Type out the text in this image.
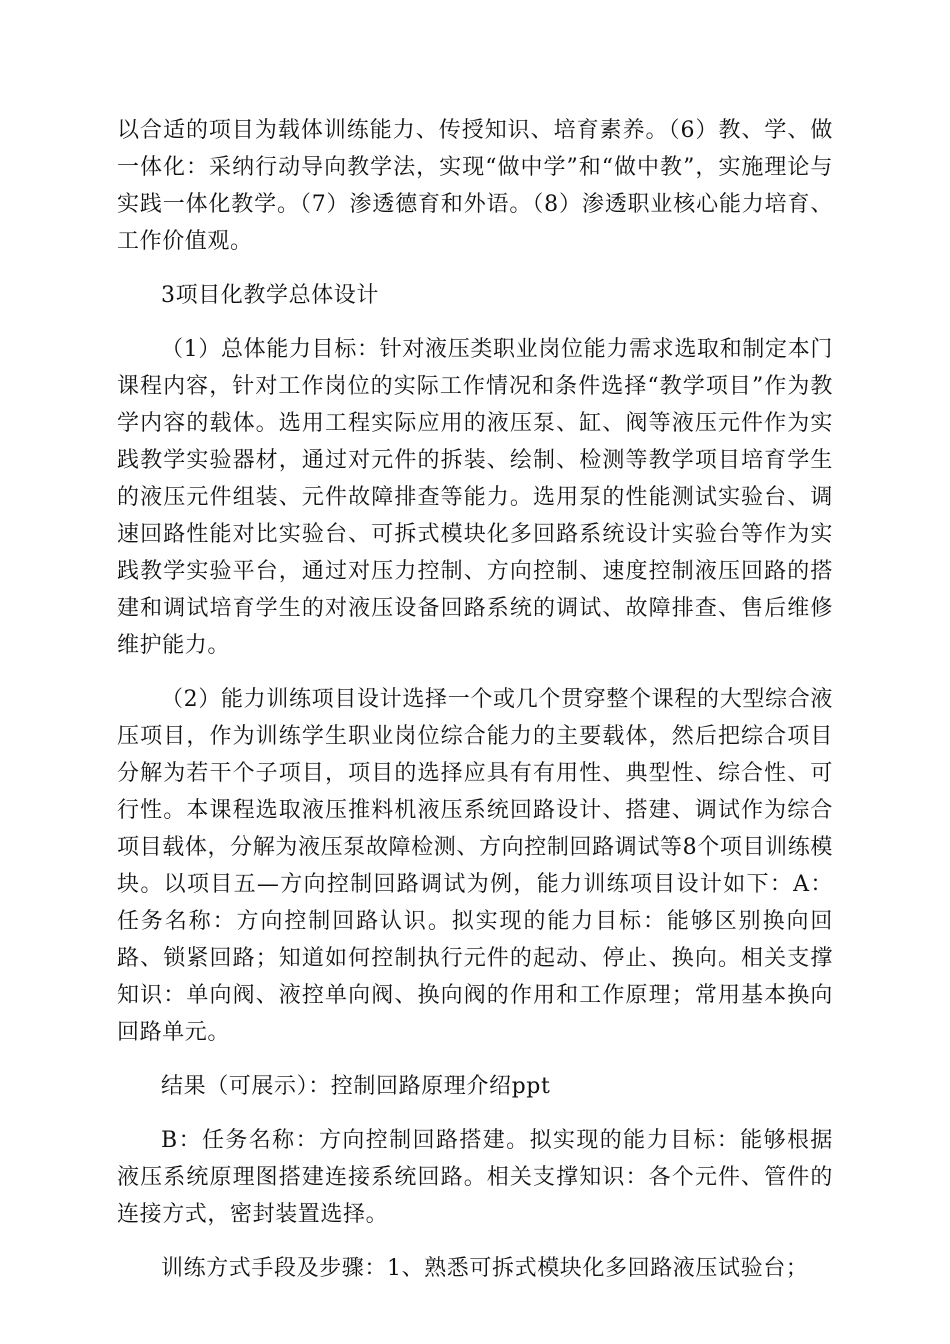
以合适的项目为载体训练能力、传授知识、培育素养。（6）教、学、做一体化：采纳行动导向教学法，实现“做中学”和“做中教”，实施理论与实践一体化教学。（7）渗透德育和外语。（8）渗透职业核心能力培育、工作价值观。

3项目化教学总体设计

（1）总体能力目标：针对液压类职业岗位能力需求选取和制定本门课程内容，针对工作岗位的实际工作情况和条件选择“教学项目”作为教学内容的载体。选用工程实际应用的液压泵、缸、阀等液压元件作为实践教学实验器材，通过对元件的拆装、绘制、检测等教学项目培育学生的液压元件组装、元件故障排查等能力。选用泵的性能测试实验台、调速回路性能对比实验台、可拆式模块化多回路系统设计实验台等作为实践教学实验平台，通过对压力控制、方向控制、速度控制液压回路的搭建和调试培育学生的对液压设备回路系统的调试、故障排查、售后维修维护能力。

（2）能力训练项目设计选择一个或几个贯穿整个课程的大型综合液压项目，作为训练学生职业岗位综合能力的主要载体，然后把综合项目分解为若干个子项目，项目的选择应具有有用性、典型性、综合性、可行性。本课程选取液压推料机液压系统回路设计、搭建、调试作为综合项目载体，分解为液压泵故障检测、方向控制回路调试等8个项目训练模块。以项目五—方向控制回路调试为例，能力训练项目设计如下：A：任务名称：方向控制回路认识。拟实现的能力目标：能够区别换向回路、锁紧回路；知道如何控制执行元件的起动、停止、换向。相关支撑知识：单向阀、液控单向阀、换向阀的作用和工作原理；常用基本换向回路单元。

结果（可展示）：控制回路原理介绍ppt

B：任务名称：方向控制回路搭建。拟实现的能力目标：能够根据液压系统原理图搭建连接系统回路。相关支撑知识：各个元件、管件的连接方式，密封装置选择。

训练方式手段及步骤：1、熟悉可拆式模块化多回路液压试验台；
